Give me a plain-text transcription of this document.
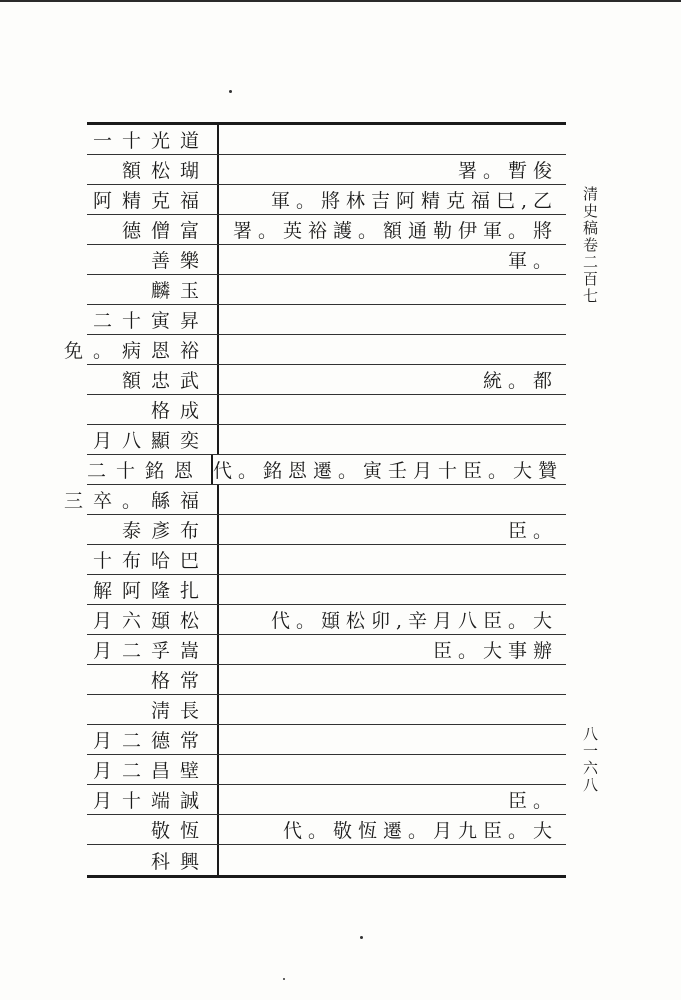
清史稿卷二百七
八一六八
一十光道
額松瑚	署。暫俊
阿精克福	軍。將林吉阿精克福巳,乙
德僧富	署。英裕護。額通勒伊軍。將
善樂	軍。
麟玉
二十寅昇
免。病恩裕
額忠武	統。都
格成
月八顯奕
二十銘恩 代。銘恩遷。寅壬月十臣。大贊
三卒。緜福
泰彥布	臣。
十布哈巴
解阿隆扎
月六頲松	代。頲松卯,辛月八臣。大
月二孚嵩	臣。大事辦
格常
淸長
月二德常
月二昌壁
月十端誠	臣。
敬恆	代。敬恆遷。月九臣。大
科興
